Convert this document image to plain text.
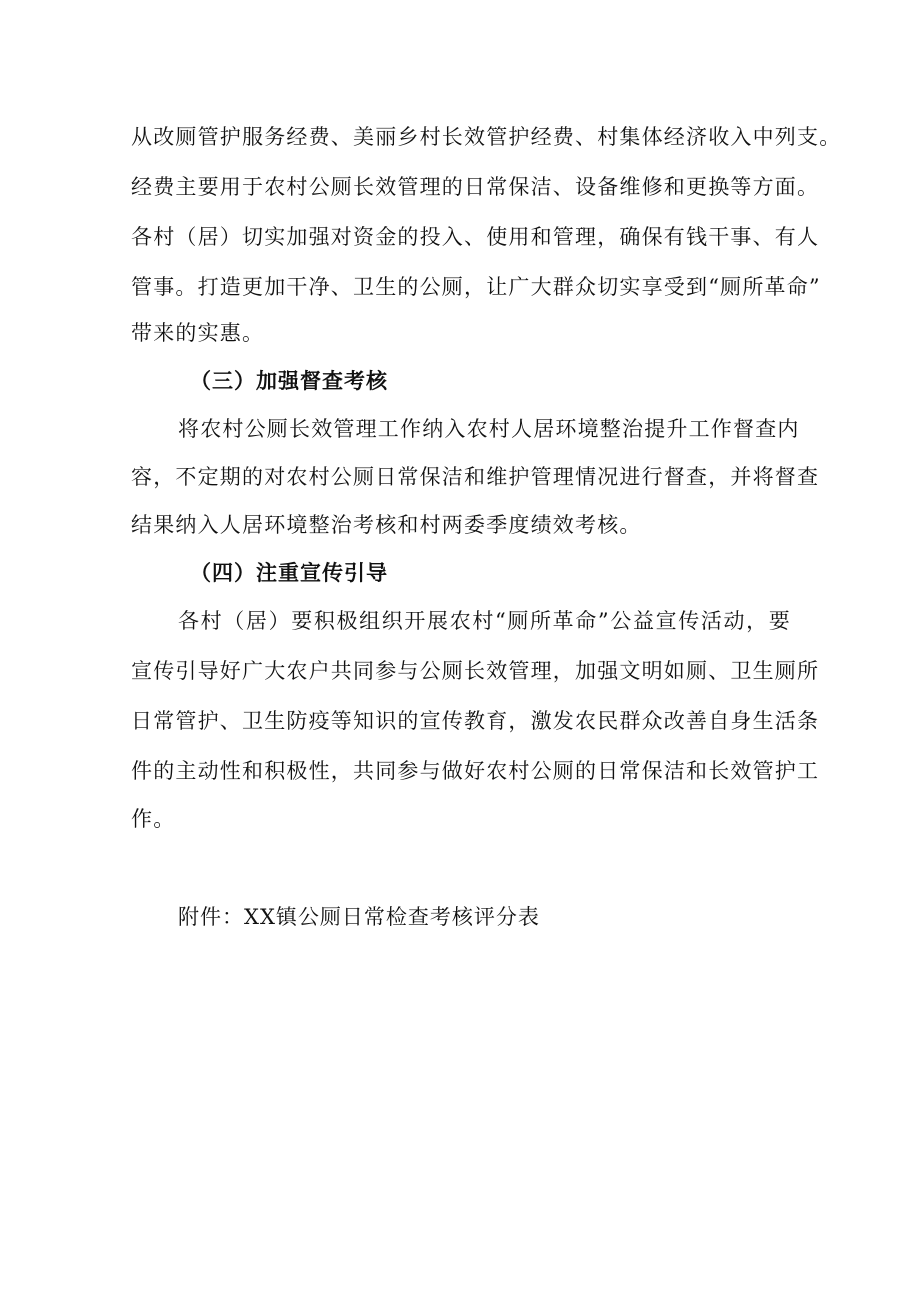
从改厕管护服务经费、美丽乡村长效管护经费、村集体经济收入中列支。
经费主要用于农村公厕长效管理的日常保洁、设备维修和更换等方面。
各村（居）切实加强对资金的投入、使用和管理，确保有钱干事、有人
管事。打造更加干净、卫生的公厕，让广大群众切实享受到“厕所革命”
带来的实惠。
（三）加强督查考核
将农村公厕长效管理工作纳入农村人居环境整治提升工作督查内
容，不定期的对农村公厕日常保洁和维护管理情况进行督查，并将督查
结果纳入人居环境整治考核和村两委季度绩效考核。
（四）注重宣传引导
各村（居）要积极组织开展农村“厕所革命”公益宣传活动，要
宣传引导好广大农户共同参与公厕长效管理，加强文明如厕、卫生厕所
日常管护、卫生防疫等知识的宣传教育，激发农民群众改善自身生活条
件的主动性和积极性，共同参与做好农村公厕的日常保洁和长效管护工
作。
附件：XX镇公厕日常检查考核评分表
